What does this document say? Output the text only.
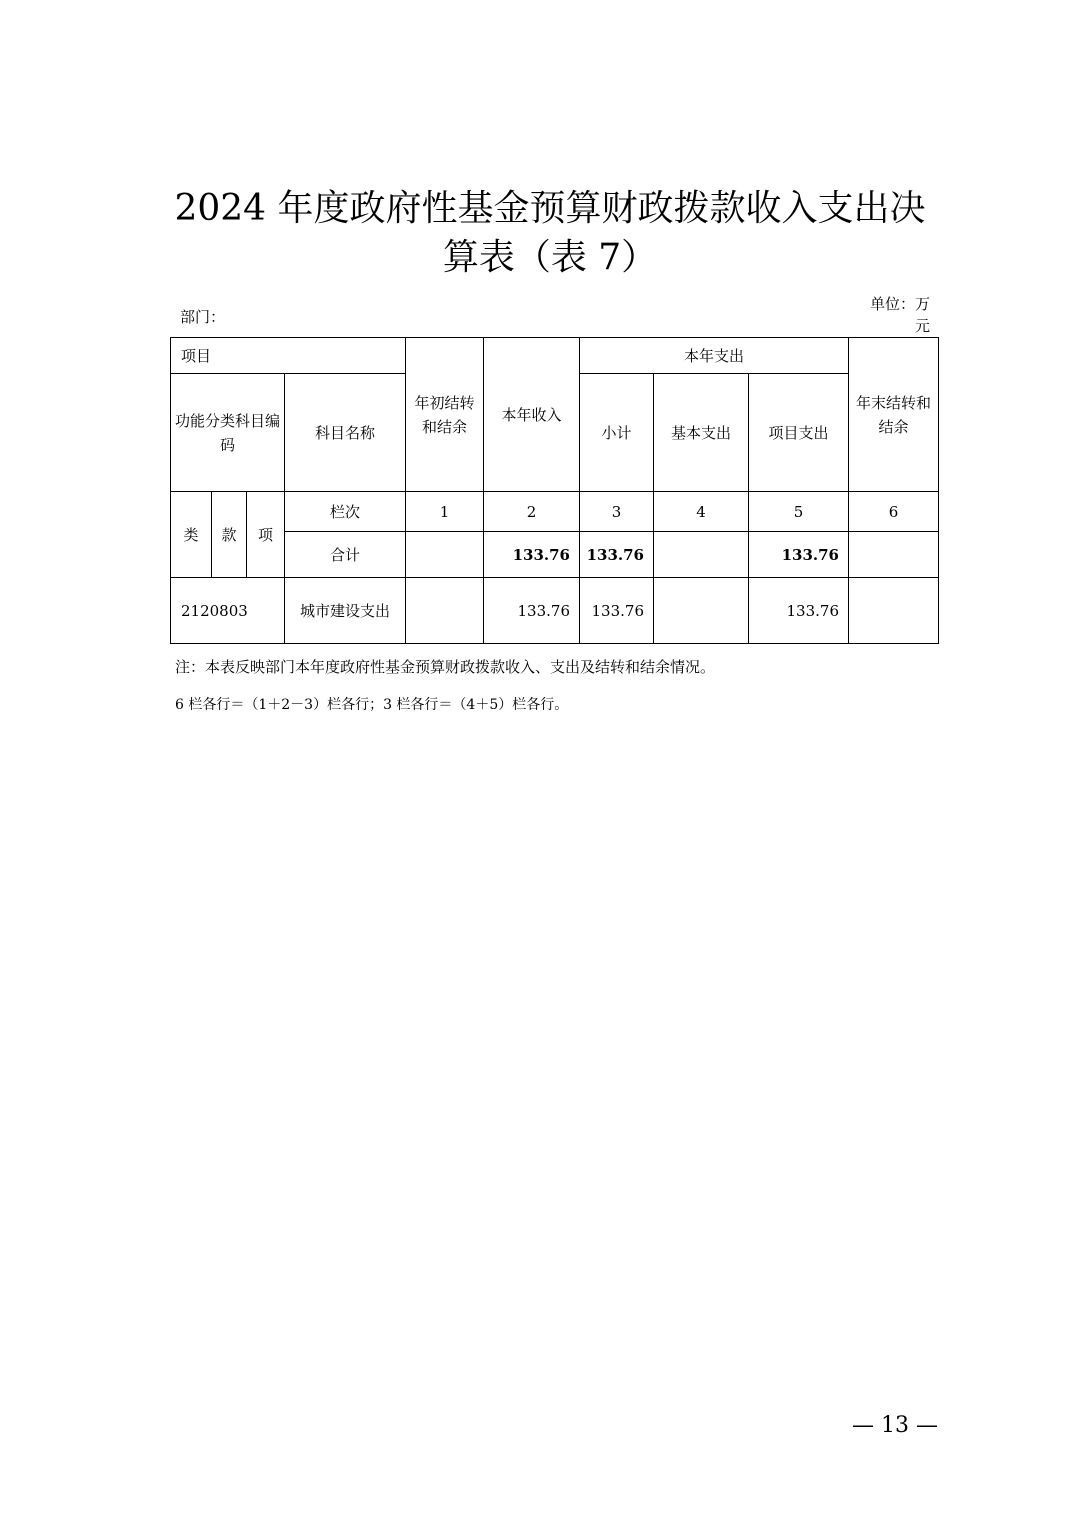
2024 年度政府性基金预算财政拨款收入支出决
算表（表 7）
部门：
单位：万元
项目				年初结转和结余	本年收入	本年支出			年末结转和结余
功能分类科目编码			科目名称			小计	基本支出	项目支出	
类	款	项	栏次	1	2	3	4	5	6
			合计		133.76	133.76		133.76	
2120803			城市建设支出		133.76	133.76		133.76	
注：本表反映部门本年度政府性基金预算财政拨款收入、支出及结转和结余情况。
6 栏各行＝（1＋2－3）栏各行；3 栏各行＝（4＋5）栏各行。
— 13 —
